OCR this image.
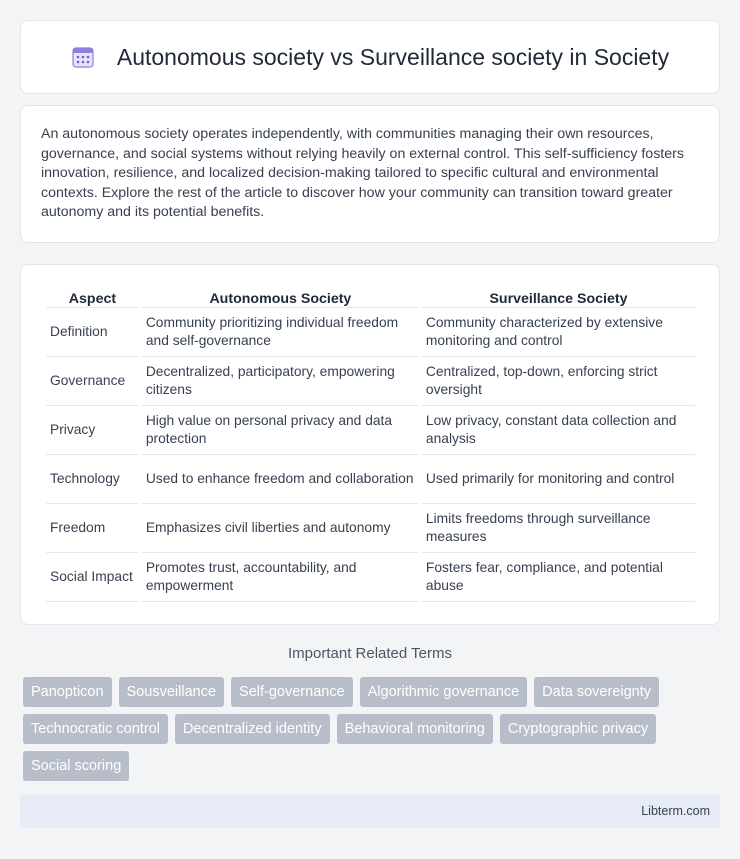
Autonomous society vs Surveillance society in Society

An autonomous society operates independently, with communities managing their own resources, governance, and social systems without relying heavily on external control. This self-sufficiency fosters innovation, resilience, and localized decision-making tailored to specific cultural and environmental contexts. Explore the rest of the article to discover how your community can transition toward greater autonomy and its potential benefits.

Aspect	Autonomous Society	Surveillance Society
Definition	Community prioritizing individual freedom and self-governance	Community characterized by extensive monitoring and control
Governance	Decentralized, participatory, empowering citizens	Centralized, top-down, enforcing strict oversight
Privacy	High value on personal privacy and data protection	Low privacy, constant data collection and analysis
Technology	Used to enhance freedom and collaboration	Used primarily for monitoring and control
Freedom	Emphasizes civil liberties and autonomy	Limits freedoms through surveillance measures
Social Impact	Promotes trust, accountability, and empowerment	Fosters fear, compliance, and potential abuse
Important Related Terms
Panopticon	Sousveillance	Self-governance	Algorithmic governance	Data sovereignty
Technocratic control	Decentralized identity	Behavioral monitoring	Cryptographic privacy
Social scoring
Libterm.com
